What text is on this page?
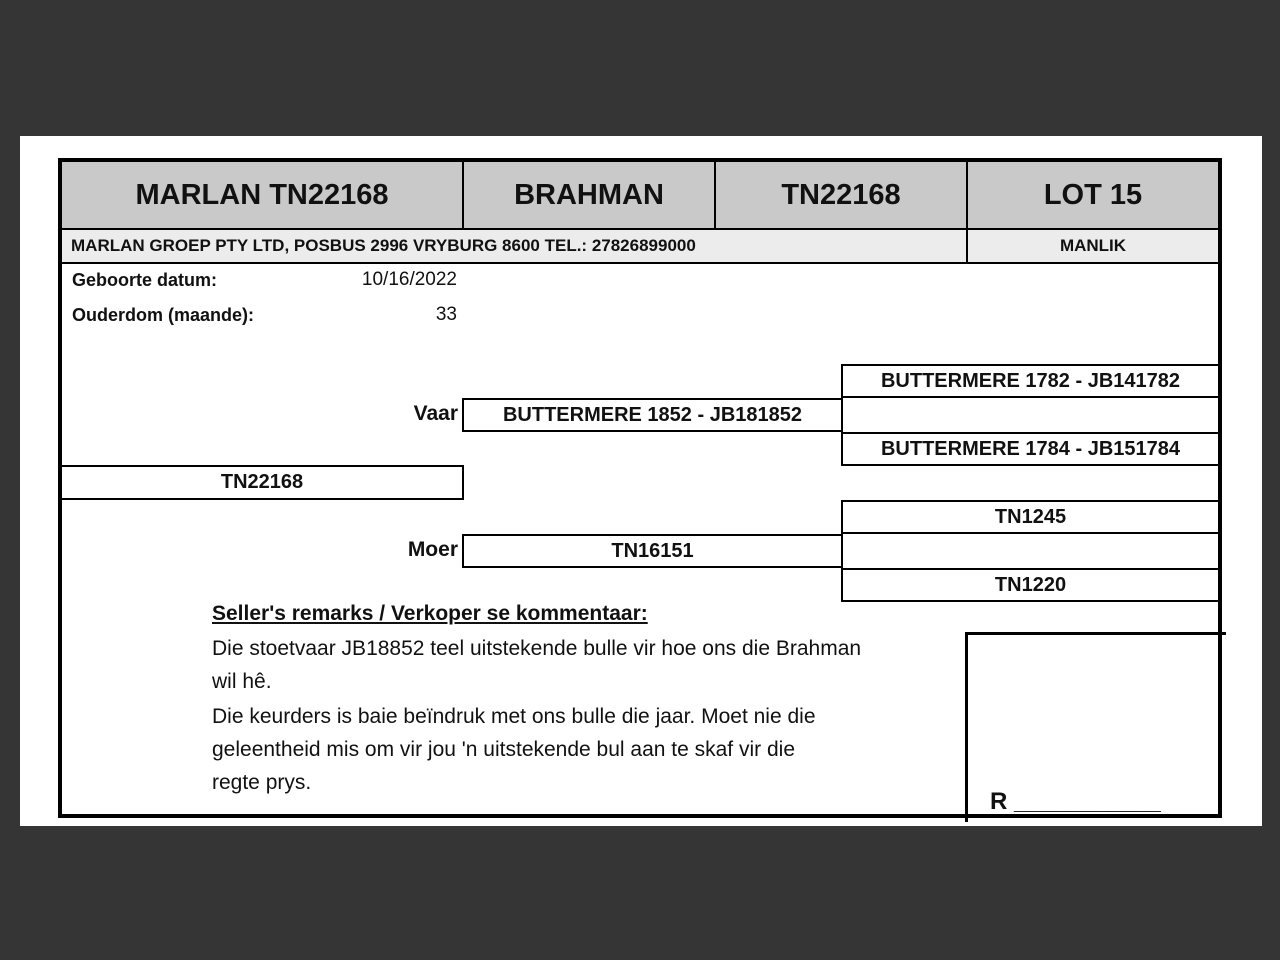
MARLAN TN22168	BRAHMAN	TN22168	LOT 15
MARLAN GROEP PTY LTD, POSBUS 2996 VRYBURG 8600 TEL.: 27826899000	MANLIK
Geboorte datum:	10/16/2022
Ouderdom (maande):	33
BUTTERMERE 1782 - JB141782
BUTTERMERE 1784 - JB151784
Vaar	BUTTERMERE 1852 - JB181852
TN22168
TN1245
TN1220
Moer	TN16151
Seller's remarks / Verkoper se kommentaar:
Die stoetvaar JB18852 teel uitstekende bulle vir hoe ons die Brahman wil hê.
Die keurders is baie beïndruk met ons bulle die jaar. Moet nie die geleentheid mis om vir jou 'n uitstekende bul aan te skaf vir die regte prys.
R ___________
